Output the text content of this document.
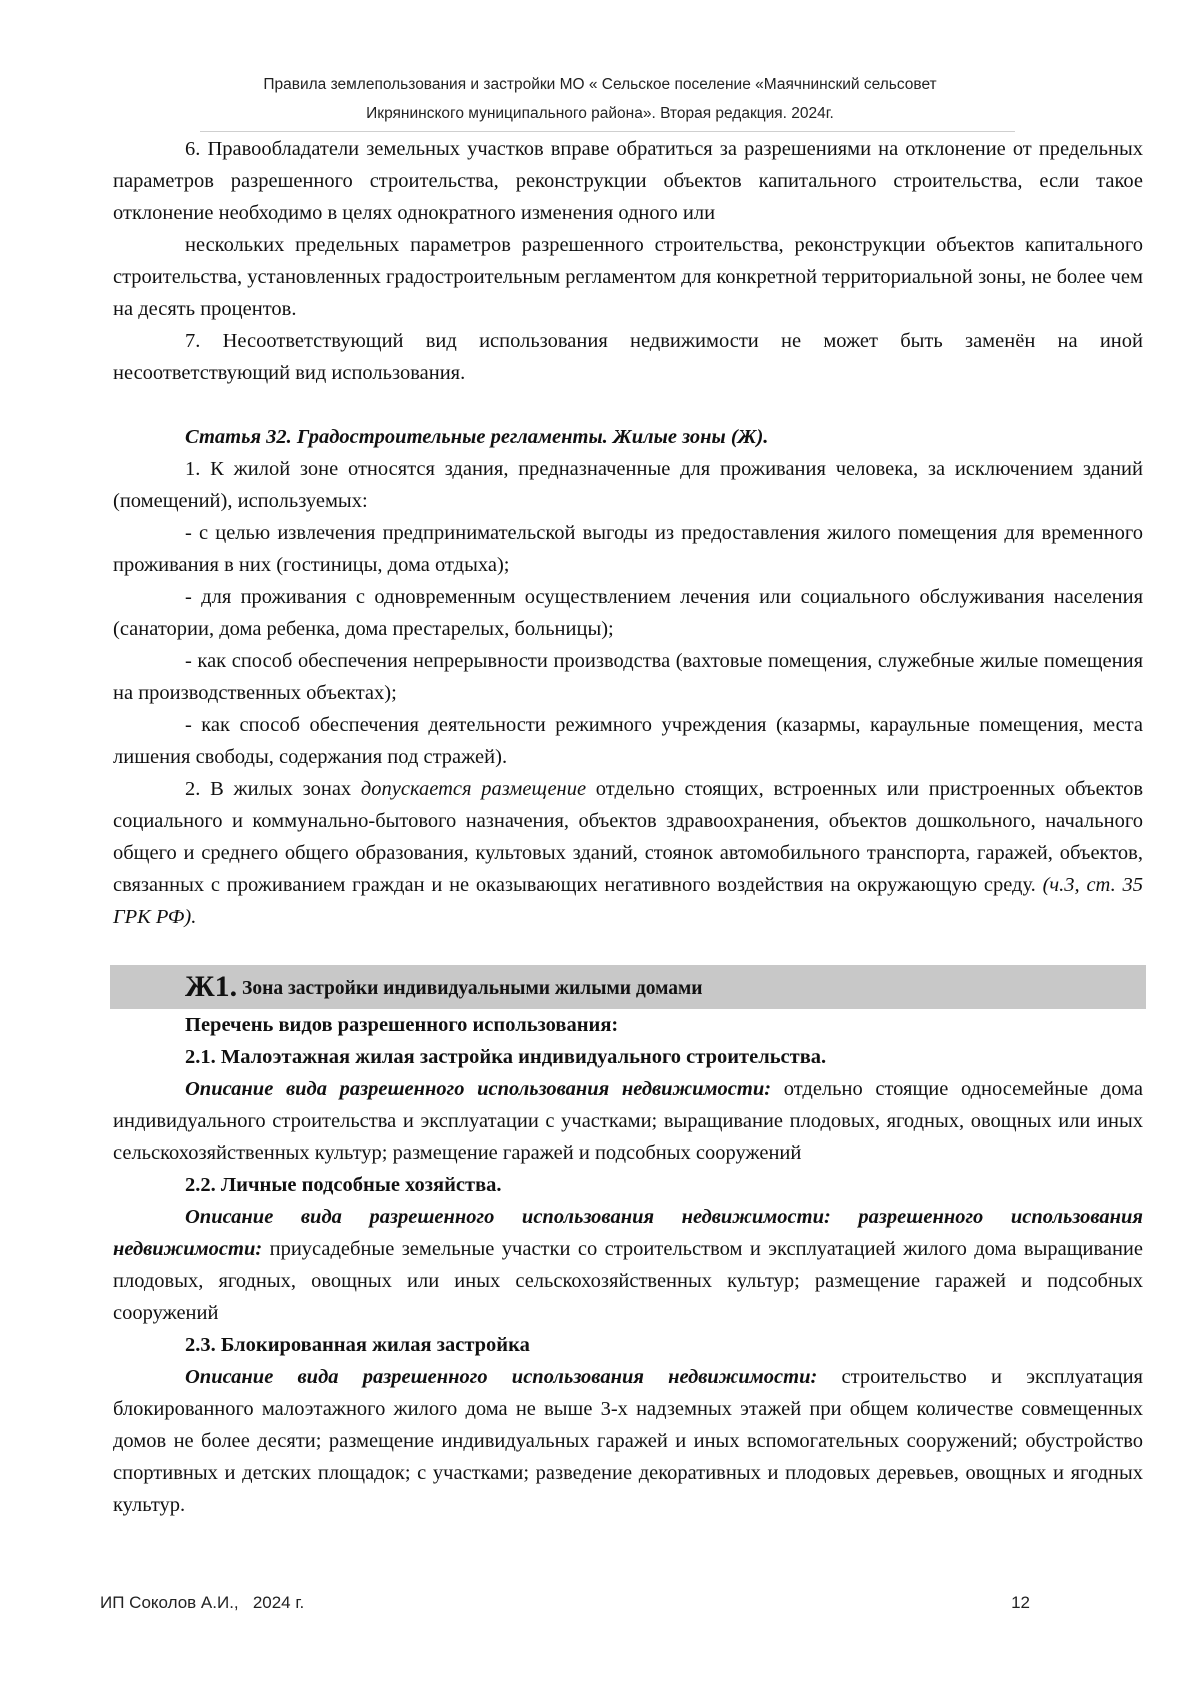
Правила землепользования и застройки МО « Сельское поселение «Маячнинский сельсовет
Икрянинского муниципального района». Вторая редакция. 2024г.

6. Правообладатели земельных участков вправе обратиться за разрешениями на отклонение от предельных параметров разрешенного строительства, реконструкции объектов капитального строительства, если такое отклонение необходимо в целях однократного изменения одного или

нескольких предельных параметров разрешенного строительства, реконструкции объектов капитального строительства, установленных градостроительным регламентом для конкретной территориальной зоны, не более чем на десять процентов.

7. Несоответствующий вид использования недвижимости не может быть заменён на иной несоответствующий вид использования.

Статья 32. Градостроительные регламенты. Жилые зоны (Ж).

1. К жилой зоне относятся здания, предназначенные для проживания человека, за исключением зданий (помещений), используемых:

- с целью извлечения предпринимательской выгоды из предоставления жилого помещения для временного проживания в них (гостиницы, дома отдыха);

- для проживания с одновременным осуществлением лечения или социального обслуживания населения (санатории, дома ребенка, дома престарелых, больницы);

- как способ обеспечения непрерывности производства (вахтовые помещения, служебные жилые помещения на производственных объектах);

- как способ обеспечения деятельности режимного учреждения (казармы, караульные помещения, места лишения свободы, содержания под стражей).

2. В жилых зонах допускается размещение отдельно стоящих, встроенных или пристроенных объектов социального и коммунально-бытового назначения, объектов здравоохранения, объектов дошкольного, начального общего и среднего общего образования, культовых зданий, стоянок автомобильного транспорта, гаражей, объектов, связанных с проживанием граждан и не оказывающих негативного воздействия на окружающую среду. (ч.3, ст. 35 ГРК РФ).

Ж1. Зона застройки индивидуальными жилыми домами

Перечень видов разрешенного использования:

2.1. Малоэтажная жилая застройка индивидуального строительства.

Описание вида разрешенного использования недвижимости: отдельно стоящие односемейные дома индивидуального строительства и эксплуатации с участками; выращивание плодовых, ягодных, овощных или иных сельскохозяйственных культур; размещение гаражей и подсобных сооружений

2.2. Личные подсобные хозяйства.

Описание вида разрешенного использования недвижимости: разрешенного использования недвижимости: приусадебные земельные участки со строительством и эксплуатацией жилого дома выращивание плодовых, ягодных, овощных или иных сельскохозяйственных культур; размещение гаражей и подсобных сооружений

2.3. Блокированная жилая застройка

Описание вида разрешенного использования недвижимости: строительство и эксплуатация блокированного малоэтажного жилого дома не выше 3-х надземных этажей при общем количестве совмещенных домов не более десяти; размещение индивидуальных гаражей и иных вспомогательных сооружений; обустройство спортивных и детских площадок; с участками; разведение декоративных и плодовых деревьев, овощных и ягодных культур.

ИП Соколов А.И.,   2024 г.	12
